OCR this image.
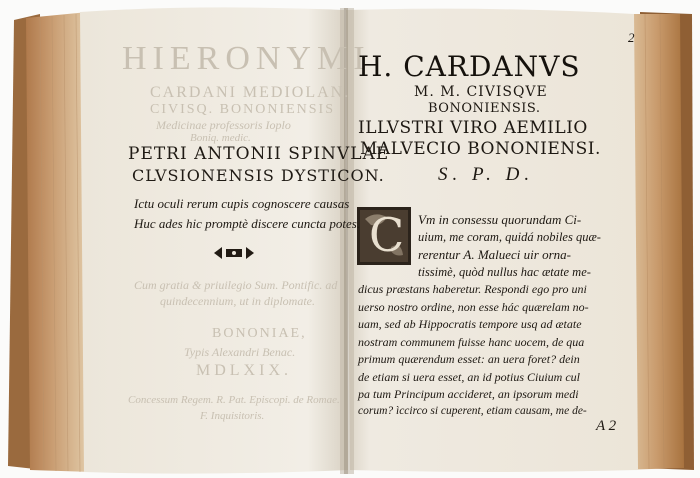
HIERONYMI
CARDANI MEDIOLAN.
CIVISQ. BONONIENSIS
Medicinae professoris Ioplo
Boniq. medic.
PETRI ANTONII SPINVLAE
CLVSIONENSIS DYSTICON.
Ictu oculi rerum cupis cognoscere causas
Huc ades hic promptè discere cuncta potes.
Cum gratia & priuilegio Sum. Pontific. ad
quindecennium, ut in diplomate.
BONONIAE,
Typis Alexandri Benac.
MDLXIX.
Concessum Regem. R. Pat. Episcopi. de Romae.
F. Inquisitoris.
2
H. CARDANVS
M. M. CIVISQVE
BONONIENSIS.
ILLVSTRI VIRO AEMILIO
MALVECIO BONONIENSI.
S. P. D.
C Vm in consessu quorundam Ci-
uium, me coram, quidá nobiles quæ-
rerentur A. Malueci uir orna-
tissimè, quòd nullus hac ætate me-
dicus præstans haberetur. Respondi ego pro uni
uerso nostro ordine, non esse hác quærelam no-
uam, sed ab Hippocratis tempore usq ad ætate
nostram communem fuisse hanc uocem, de qua
primum quærendum esset: an uera foret? dein
de etiam si uera esset, an id potius Ciuium cul
pa tum Principum accideret, an ipsorum medi
corum? ìccirco si cuperent, etiam causam, me de-
A 2
